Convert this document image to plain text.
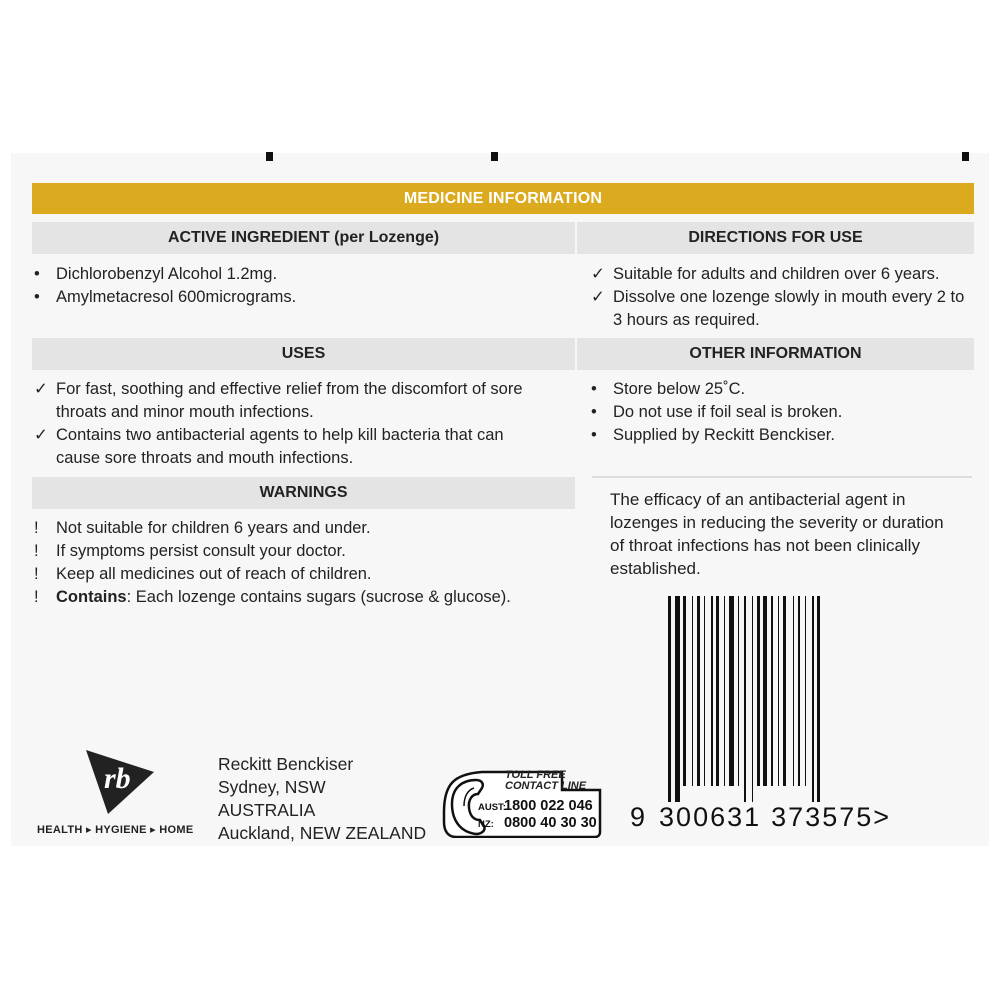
MEDICINE INFORMATION
ACTIVE INGREDIENT (per Lozenge)
• Dichlorobenzyl Alcohol 1.2mg.
• Amylmetacresol 600micrograms.
DIRECTIONS FOR USE
✓ Suitable for adults and children over 6 years.
✓ Dissolve one lozenge slowly in mouth every 2 to 3 hours as required.
USES
✓ For fast, soothing and effective relief from the discomfort of sore throats and minor mouth infections.
✓ Contains two antibacterial agents to help kill bacteria that can cause sore throats and mouth infections.
OTHER INFORMATION
• Store below 25˚C.
• Do not use if foil seal is broken.
• Supplied by Reckitt Benckiser.
WARNINGS
!	Not suitable for children 6 years and under.
!	If symptoms persist consult your doctor.
!	Keep all medicines out of reach of children.
!	Contains: Each lozenge contains sugars (sucrose & glucose).
The efficacy of an antibacterial agent in lozenges in reducing the severity or duration of throat infections has not been clinically established.
9 300631 373575>
rb
HEALTH ▸ HYGIENE ▸ HOME
Reckitt Benckiser
Sydney, NSW
AUSTRALIA
Auckland, NEW ZEALAND
TOLL FREE
CONTACT LINE
AUST:1800 022 046
NZ: 0800 40 30 30
